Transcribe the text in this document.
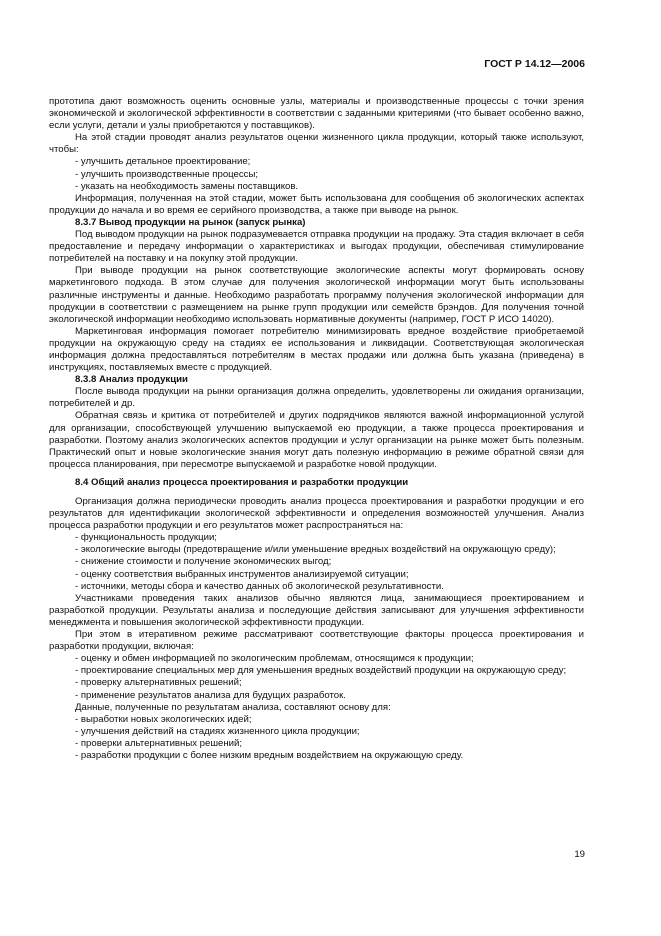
ГОСТ Р 14.12—2006

прототипа дают возможность оценить основные узлы, материалы и производственные процессы с точки зрения экономической и экологической эффективности в соответствии с заданными критериями (что бывает особенно важно, если услуги, детали и узлы приобретаются у поставщиков).

На этой стадии проводят анализ результатов оценки жизненного цикла продукции, который также используют, чтобы:

- улучшить детальное проектирование;

- улучшить производственные процессы;

- указать на необходимость замены поставщиков.

Информация, полученная на этой стадии, может быть использована для сообщения об экологических аспектах продукции до начала и во время ее серийного производства, а также при выводе на рынок.

8.3.7 Вывод продукции на рынок (запуск рынка)

Под выводом продукции на рынок подразумевается отправка продукции на продажу. Эта стадия включает в себя предоставление и передачу информации о характеристиках и выгодах продукции, обеспечивая стимулирование потребителей на поставку и на покупку этой продукции.

При выводе продукции на рынок соответствующие экологические аспекты могут формировать основу маркетингового подхода. В этом случае для получения экологической информации могут быть использованы различные инструменты и данные. Необходимо разработать программу получения экологической информации для продукции в соответствии с размещением на рынке групп продукции или семейств брэндов. Для получения точной экологической информации необходимо использовать нормативные документы (например, ГОСТ Р ИСО 14020).

Маркетинговая информация помогает потребителю минимизировать вредное воздействие приобретаемой продукции на окружающую среду на стадиях ее использования и ликвидации. Соответствующая экологическая информация должна предоставляться потребителям в местах продажи или должна быть указана (приведена) в инструкциях, поставляемых вместе с продукцией.

8.3.8 Анализ продукции

После вывода продукции на рынки организация должна определить, удовлетворены ли ожидания организации, потребителей и др.

Обратная связь и критика от потребителей и других подрядчиков являются важной информационной услугой для организации, способствующей улучшению выпускаемой ею продукции, а также процесса проектирования и разработки. Поэтому анализ экологических аспектов продукции и услуг организации на рынке может быть полезным. Практический опыт и новые экологические знания могут дать полезную информацию в режиме обратной связи для процесса планирования, при пересмотре выпускаемой и разработке новой продукции.

8.4 Общий анализ процесса проектирования и разработки продукции

Организация должна периодически проводить анализ процесса проектирования и разработки продукции и его результатов для идентификации экологической эффективности и определения возможностей улучшения. Анализ процесса разработки продукции и его результатов может распространяться на:

- функциональность продукции;

- экологические выгоды (предотвращение и/или уменьшение вредных воздействий на окружающую среду);

- снижение стоимости и получение экономических выгод;

- оценку соответствия выбранных инструментов анализируемой ситуации;

- источники, методы сбора и качество данных об экологической результативности.

Участниками проведения таких анализов обычно являются лица, занимающиеся проектированием и разработкой продукции. Результаты анализа и последующие действия записывают для улучшения эффективности менеджмента и повышения экологической эффективности продукции.

При этом в итеративном режиме рассматривают соответствующие факторы процесса проектирования и разработки продукции, включая:

- оценку и обмен информацией по экологическим проблемам, относящимся к продукции;

- проектирование специальных мер для уменьшения вредных воздействий продукции на окружающую среду;

- проверку альтернативных решений;

- применение результатов анализа для будущих разработок.

Данные, полученные по результатам анализа, составляют основу для:

- выработки новых экологических идей;

- улучшения действий на стадиях жизненного цикла продукции;

- проверки альтернативных решений;

- разработки продукции с более низким вредным воздействием на окружающую среду.

19
